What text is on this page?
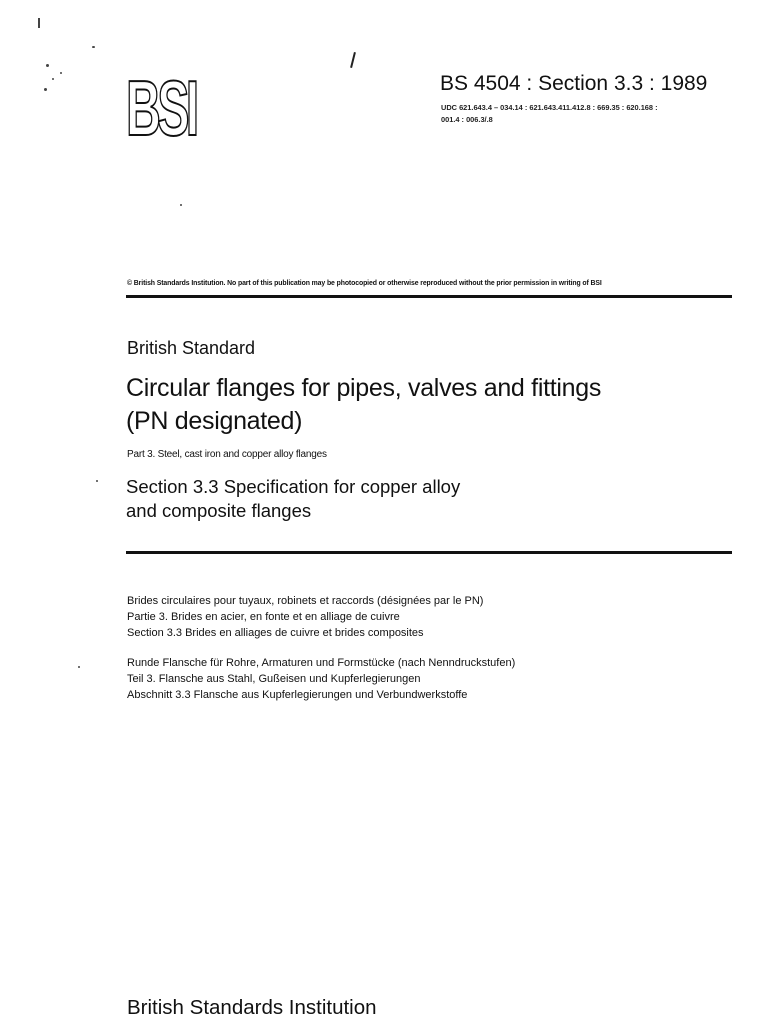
BSI	BS 4504 : Section 3.3 : 1989
UDC 621.643.4 – 034.14 : 621.643.411.412.8 : 669.35 : 620.168 :
001.4 : 006.3/.8
© British Standards Institution. No part of this publication may be photocopied or otherwise reproduced without the prior permission in writing of BSI
British Standard
Circular flanges for pipes, valves and fittings
(PN designated)
Part 3. Steel, cast iron and copper alloy flanges
Section 3.3 Specification for copper alloy
and composite flanges
Brides circulaires pour tuyaux, robinets et raccords (désignées par le PN)
Partie 3. Brides en acier, en fonte et en alliage de cuivre
Section 3.3 Brides en alliages de cuivre et brides composites
Runde Flansche für Rohre, Armaturen und Formstücke (nach Nenndruckstufen)
Teil 3. Flansche aus Stahl, Gußeisen und Kupferlegierungen
Abschnitt 3.3 Flansche aus Kupferlegierungen und Verbundwerkstoffe
British Standards Institution
